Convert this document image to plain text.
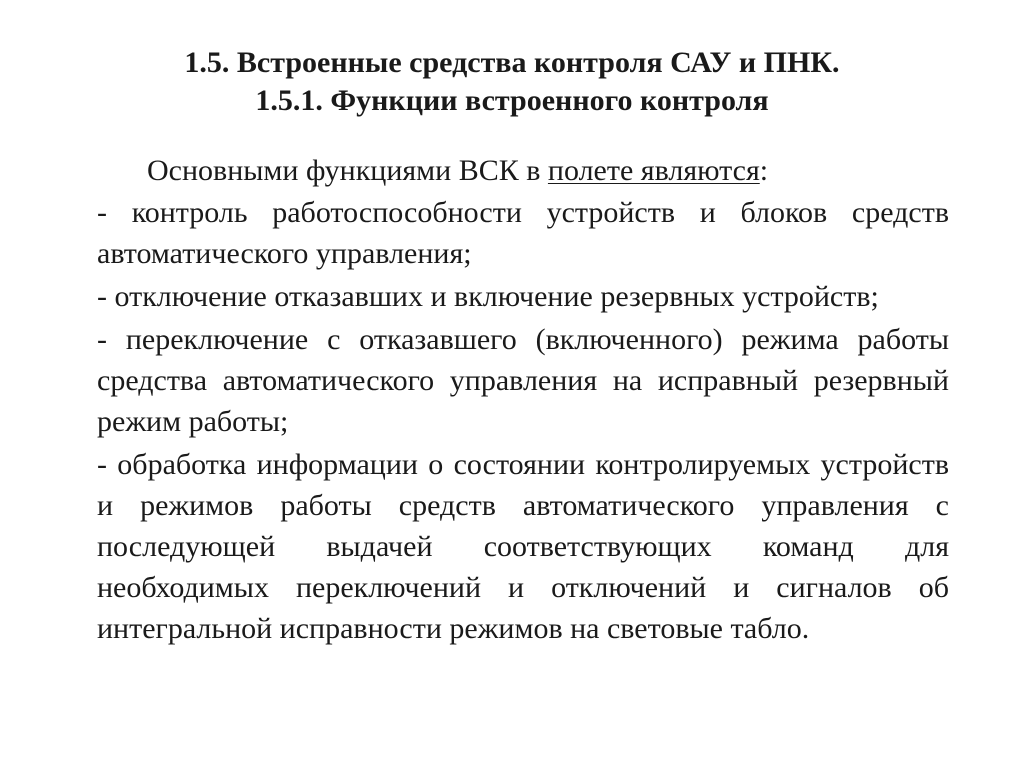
1.5. Встроенные средства контроля САУ и ПНК.
1.5.1. Функции встроенного контроля

Основными функциями ВСК в полете являются:

- контроль работоспособности устройств и блоков средств автоматического управления;

- отключение отказавших и включение резервных устройств;

- переключение с отказавшего (включенного) режима работы средства автоматического управления на исправный резервный режим работы;

- обработка информации о состоянии контролируемых устройств и режимов работы средств автоматического управления с последующей выдачей соответствующих команд для необходимых переключений и отключений и сигналов об интегральной исправности режимов на световые табло.
